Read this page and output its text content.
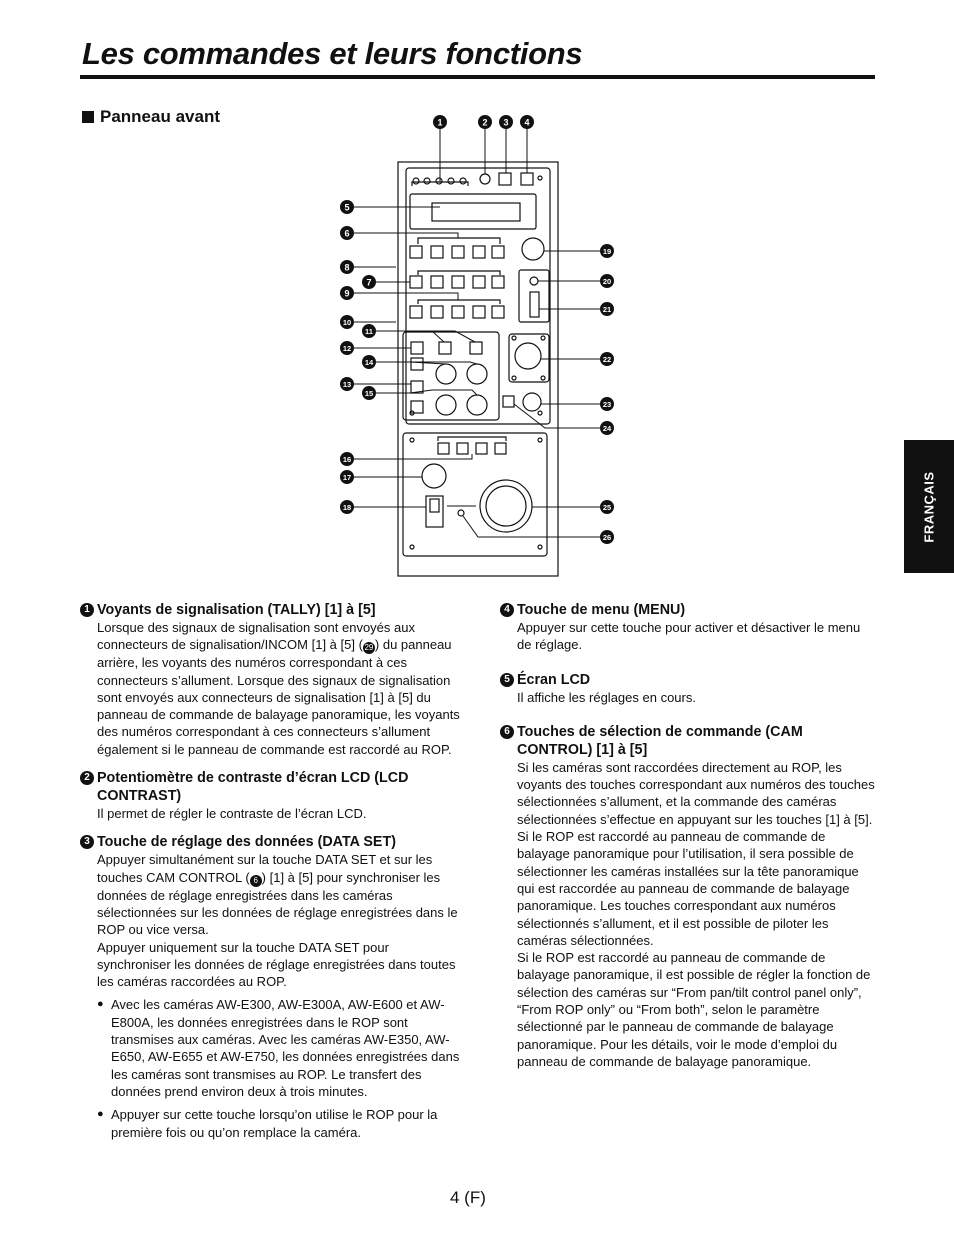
Les commandes et leurs fonctions
Panneau avant
FRANÇAIS
1	2 3 4
5
6
8
7
9
10
11
12
14
13
15
16
17
18
19
20
21
22
23
24
25
26
1 Voyants de signalisation (TALLY) [1] à [5]

Lorsque des signaux de signalisation sont envoyés aux connecteurs de signalisation/INCOM [1] à [5] ( 29 ) du panneau arrière, les voyants des numéros correspondant à ces connecteurs s’allument. Lorsque des signaux de signalisation sont envoyés aux connecteurs de signalisation [1] à [5] du panneau de commande de balayage panoramique, les voyants des numéros correspondant à ces connecteurs s’allument également si le panneau de commande est raccordé au ROP.

2 Potentiomètre de contraste d’écran LCD (LCD CONTRAST)

Il permet de régler le contraste de l’écran LCD.

3 Touche de réglage des données (DATA SET)

Appuyer simultanément sur la touche DATA SET et sur les touches CAM CONTROL ( 6 ) [1] à [5] pour synchroniser les données de réglage enregistrées dans les caméras sélectionnées sur les données de réglage enregistrées dans le ROP ou vice versa.

Appuyer uniquement sur la touche DATA SET pour synchroniser les données de réglage enregistrées dans toutes les caméras raccordées au ROP.

● Avec les caméras AW-E300, AW-E300A, AW-E600 et AW-E800A, les données enregistrées dans le ROP sont transmises aux caméras. Avec les caméras AW-E350, AW-E650, AW-E655 et AW-E750, les données enregistrées dans les caméras sont transmises au ROP. Le transfert des données prend environ deux à trois minutes.
● Appuyer sur cette touche lorsqu’on utilise le ROP pour la première fois ou qu’on remplace la caméra.
4 Touche de menu (MENU)

Appuyer sur cette touche pour activer et désactiver le menu de réglage.

5 Écran LCD

Il affiche les réglages en cours.

6 Touches de sélection de commande (CAM CONTROL) [1] à [5]

Si les caméras sont raccordées directement au ROP, les voyants des touches correspondant aux numéros des touches sélectionnées s’allument, et la commande des caméras sélectionnées s’effectue en appuyant sur les touches [1] à [5].

Si le ROP est raccordé au panneau de commande de balayage panoramique pour l’utilisation, il sera possible de sélectionner les caméras installées sur la tête panoramique qui est raccordée au panneau de commande de balayage panoramique. Les touches correspondant aux numéros sélectionnés s’allument, et il est possible de piloter les caméras sélectionnées.

Si le ROP est raccordé au panneau de commande de balayage panoramique, il est possible de régler la fonction de sélection des caméras sur “From pan/tilt control panel only”, “From ROP only” ou “From both”, selon le paramètre sélectionné par le panneau de commande de balayage panoramique. Pour les détails, voir le mode d’emploi du panneau de commande de balayage panoramique.

4 (F)
